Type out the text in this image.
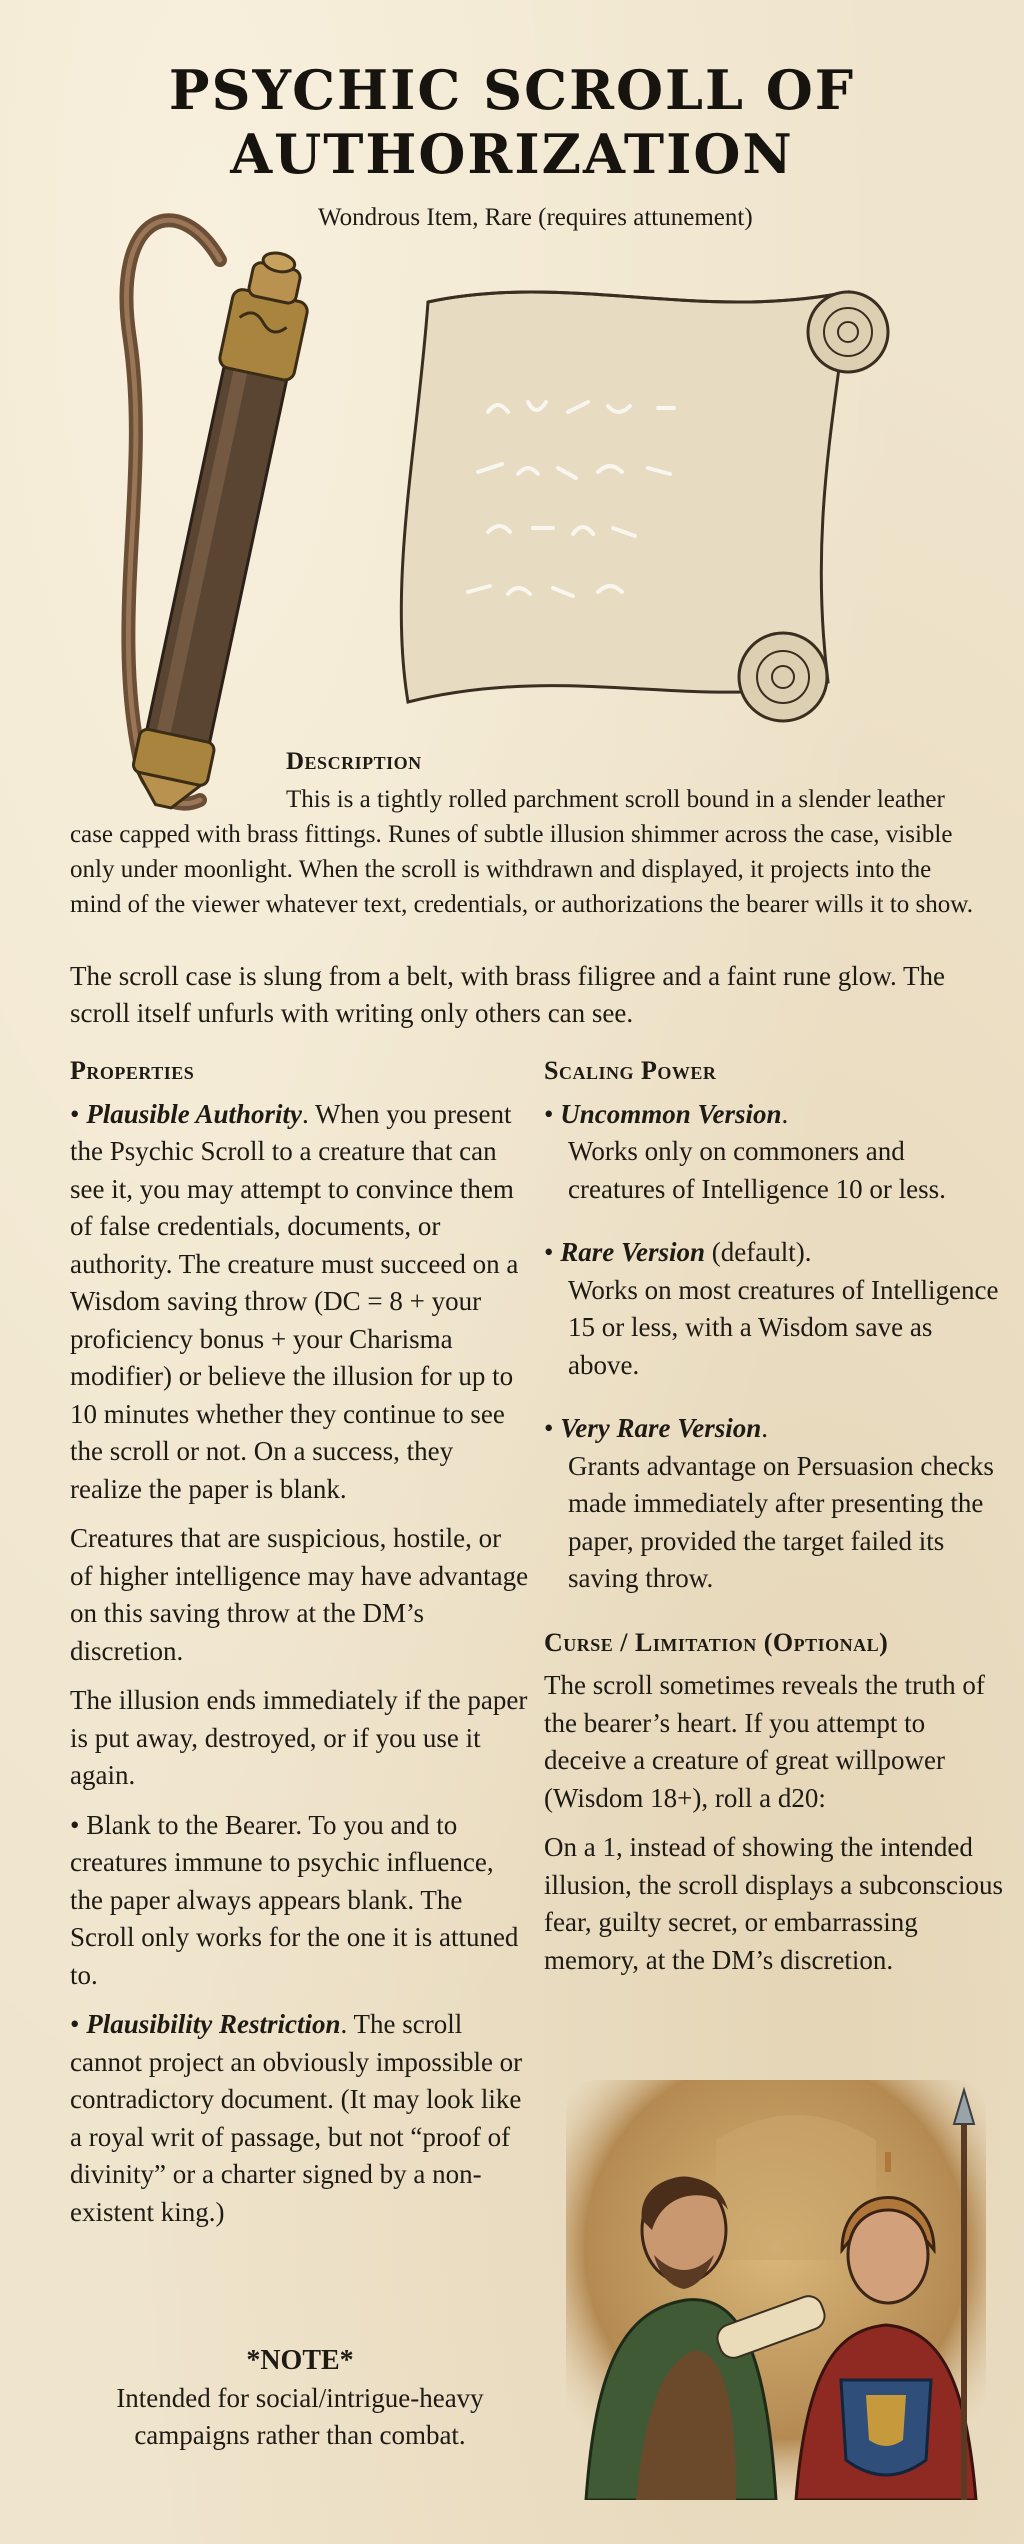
PSYCHIC SCROLL OF
AUTHORIZATION
Wondrous Item, Rare (requires attunement)
Description
This is a tightly rolled parchment scroll bound in a slender leather case capped with brass fittings. Runes of subtle illusion shimmer across the case, visible only under moonlight. When the scroll is withdrawn and displayed, it projects into the mind of the viewer whatever text, credentials, or authorizations the bearer wills it to show.
The scroll case is slung from a belt, with brass filigree and a faint rune glow. The scroll itself unfurls with writing only others can see.
Properties

• Plausible Authority. When you present the Psychic Scroll to a creature that can see it, you may attempt to convince them of false credentials, documents, or authority. The creature must succeed on a Wisdom saving throw (DC = 8 + your proficiency bonus + your Charisma modifier) or believe the illusion for up to 10 minutes whether they continue to see the scroll or not. On a success, they realize the paper is blank.

Creatures that are suspicious, hostile, or of higher intelligence may have advantage on this saving throw at the DM’s discretion.

The illusion ends immediately if the paper is put away, destroyed, or if you use it again.

• Blank to the Bearer. To you and to creatures immune to psychic influence, the paper always appears blank. The Scroll only works for the one it is attuned to.

• Plausibility Restriction. The scroll cannot project an obviously impossible or contradictory document. (It may look like a royal writ of passage, but not “proof of divinity” or a charter signed by a non-existent king.)

*NOTE*
Intended for social/intrigue-heavy campaigns rather than combat.
Scaling Power
• Uncommon Version.
Works only on commoners and creatures of Intelligence 10 or less.
• Rare Version (default).
Works on most creatures of Intelligence 15 or less, with a Wisdom save as above.
• Very Rare Version.
Grants advantage on Persuasion checks made immediately after presenting the paper, provided the target failed its saving throw.
Curse / Limitation (Optional)

The scroll sometimes reveals the truth of the bearer’s heart. If you attempt to deceive a creature of great willpower (Wisdom 18+), roll a d20:

On a 1, instead of showing the intended illusion, the scroll displays a subconscious fear, guilty secret, or embarrassing memory, at the DM’s discretion.
